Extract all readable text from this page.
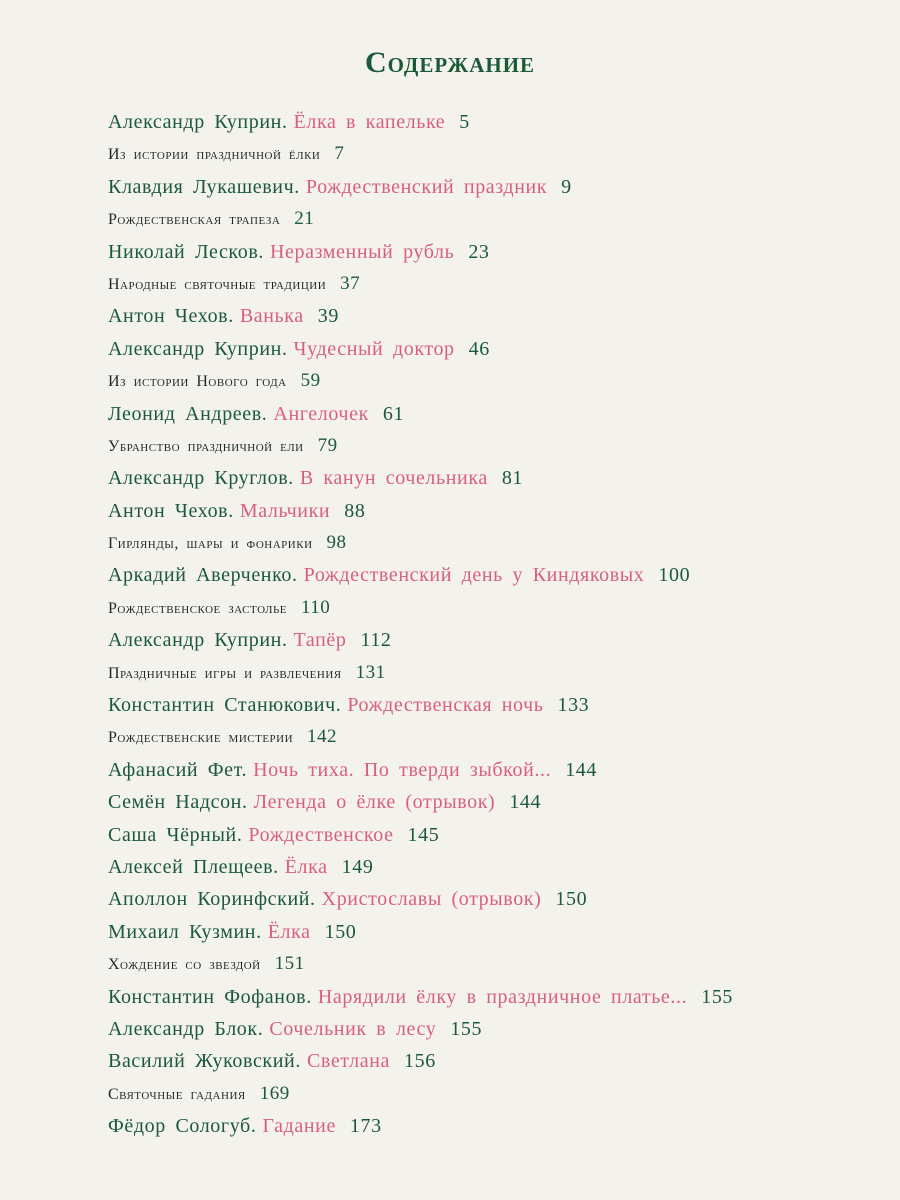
Содержание
Александр Куприн. Ёлка в капельке 5
Из истории праздничной ёлки 7
Клавдия Лукашевич. Рождественский праздник 9
Рождественская трапеза 21
Николай Лесков. Неразменный рубль 23
Народные святочные традиции 37
Антон Чехов. Ванька 39
Александр Куприн. Чудесный доктор 46
Из истории Нового года 59
Леонид Андреев. Ангелочек 61
Убранство праздничной ели 79
Александр Круглов. В канун сочельника 81
Антон Чехов. Мальчики 88
Гирлянды, шары и фонарики 98
Аркадий Аверченко. Рождественский день у Киндяковых 100
Рождественское застолье 110
Александр Куприн. Тапёр 112
Праздничные игры и развлечения 131
Константин Станюкович. Рождественская ночь 133
Рождественские мистерии 142
Афанасий Фет. Ночь тиха. По тверди зыбкой... 144
Семён Надсон. Легенда о ёлке (отрывок) 144
Саша Чёрный. Рождественское 145
Алексей Плещеев. Ёлка 149
Аполлон Коринфский. Христославы (отрывок) 150
Михаил Кузмин. Ёлка 150
Хождение со звездой 151
Константин Фофанов. Нарядили ёлку в праздничное платье... 155
Александр Блок. Сочельник в лесу 155
Василий Жуковский. Светлана 156
Святочные гадания 169
Фёдор Сологуб. Гадание 173
